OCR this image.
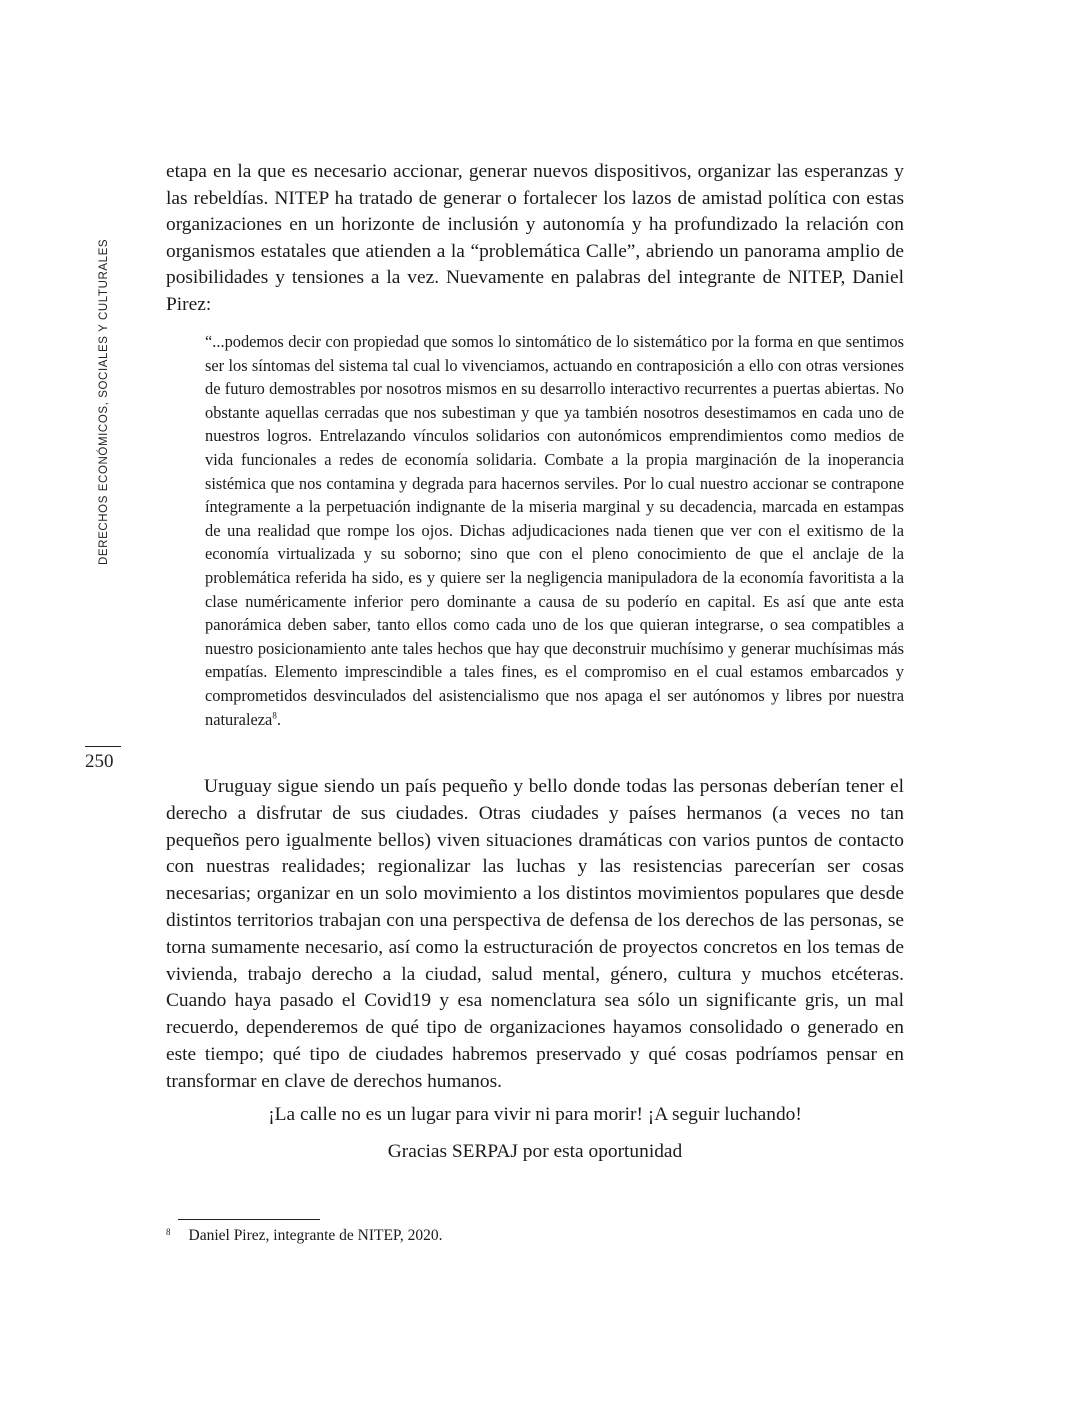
DERECHOS ECONÓMICOS, SOCIALES Y CULTURALES
250

etapa en la que es necesario accionar, generar nuevos dispositivos, organizar las esperanzas y las rebeldías. NITEP ha tratado de generar o fortalecer los lazos de amistad política con estas organizaciones en un horizonte de inclusión y autonomía y ha profundizado la relación con organismos estatales que atienden a la “problemática Calle”, abriendo un panorama amplio de posibilidades y tensiones a la vez. Nuevamente en palabras del integrante de NITEP, Daniel Pirez:

“...podemos decir con propiedad que somos lo sintomático de lo sistemático por la forma en que sentimos ser los síntomas del sistema tal cual lo vivenciamos, actuando en contraposición a ello con otras versiones de futuro demostrables por nosotros mismos en su desarrollo interactivo recurrentes a puertas abiertas. No obstante aquellas cerradas que nos subestiman y que ya también nosotros desestimamos en cada uno de nuestros logros. Entrelazando vínculos solidarios con autonómicos emprendimientos como medios de vida funcionales a redes de economía solidaria. Combate a la propia marginación de la inoperancia sistémica que nos contamina y degrada para hacernos serviles. Por lo cual nuestro accionar se contrapone íntegramente a la perpetuación indignante de la miseria marginal y su decadencia, marcada en estampas de una realidad que rompe los ojos. Dichas adjudicaciones nada tienen que ver con el exitismo de la economía virtualizada y su soborno; sino que con el pleno conocimiento de que el anclaje de la problemática referida ha sido, es y quiere ser la negligencia manipuladora de la economía favoritista a la clase numéricamente inferior pero dominante a causa de su poderío en capital. Es así que ante esta panorámica deben saber, tanto ellos como cada uno de los que quieran integrarse, o sea compatibles a nuestro posicionamiento ante tales hechos que hay que deconstruir muchísimo y generar muchísimas más empatías. Elemento imprescindible a tales fines, es el compromiso en el cual estamos embarcados y comprometidos desvinculados del asistencialismo que nos apaga el ser autónomos y libres por nuestra naturaleza$^8$.
Uruguay sigue siendo un país pequeño y bello donde todas las personas deberían tener el derecho a disfrutar de sus ciudades. Otras ciudades y países hermanos (a veces no tan pequeños pero igualmente bellos) viven situaciones dramáticas con varios puntos de contacto con nuestras realidades; regionalizar las luchas y las resistencias parecerían ser cosas necesarias; organizar en un solo movimiento a los distintos movimientos populares que desde distintos territorios trabajan con una perspectiva de defensa de los derechos de las personas, se torna sumamente necesario, así como la estructuración de proyectos concretos en los temas de vivienda, trabajo derecho a la ciudad, salud mental, género, cultura y muchos etcéteras. Cuando haya pasado el Covid19 y esa nomenclatura sea sólo un significante gris, un mal recuerdo, dependeremos de qué tipo de organizaciones hayamos consolidado o generado en este tiempo; qué tipo de ciudades habremos preservado y qué cosas podríamos pensar en transformar en clave de derechos humanos.
¡La calle no es un lugar para vivir ni para morir! ¡A seguir luchando!
Gracias SERPAJ por esta oportunidad
$^8$ Daniel Pirez, integrante de NITEP, 2020.
